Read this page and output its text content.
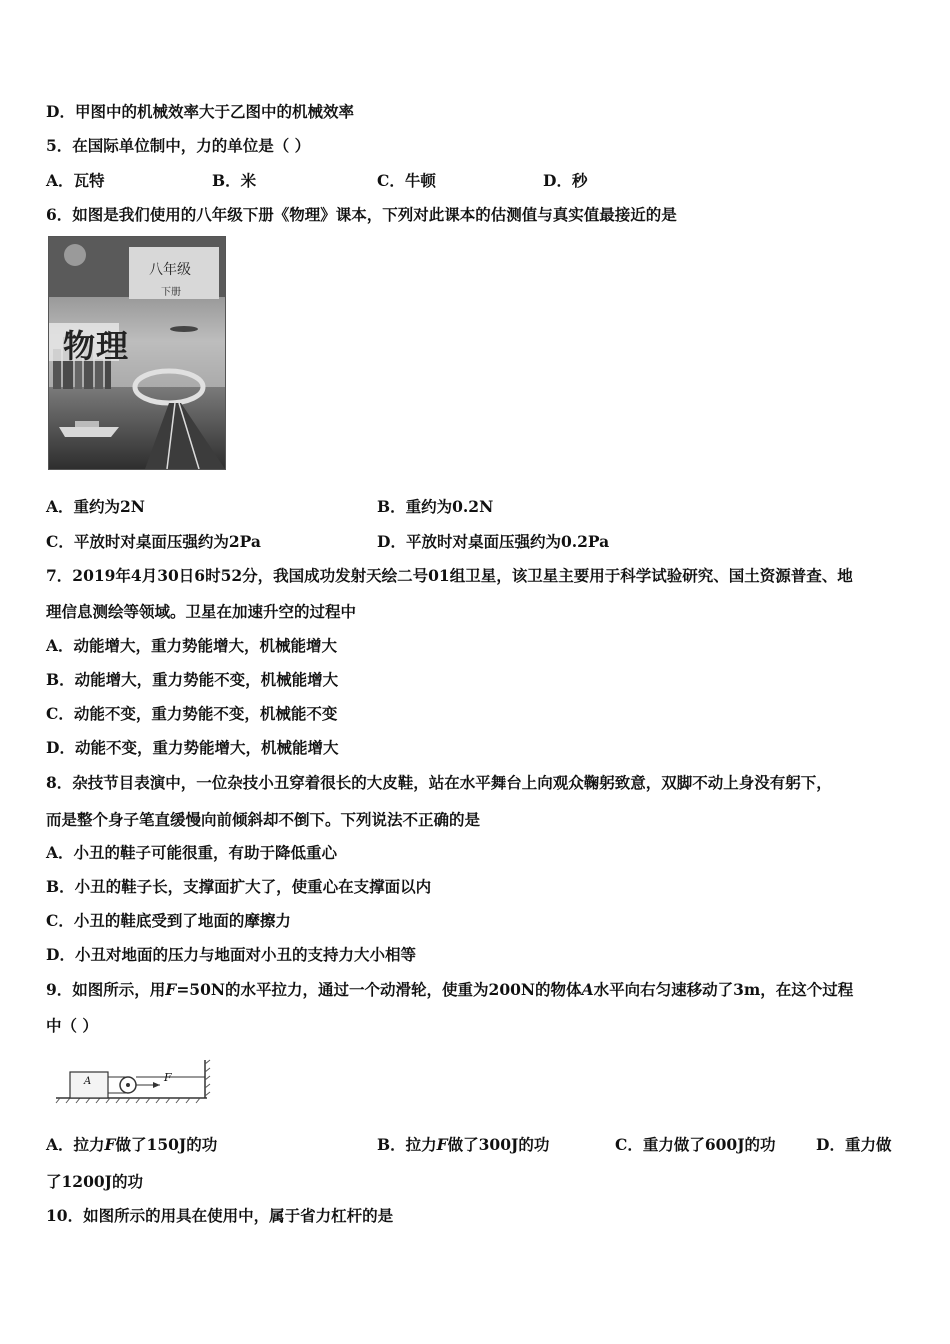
D．甲图中的机械效率大于乙图中的机械效率
5．在国际单位制中，力的单位是（ ）
A．瓦特	B．米	C．牛顿	D．秒
6．如图是我们使用的八年级下册《物理》课本，下列对此课本的估测值与真实值最接近的是
八年级
下册
物理
A．重约为2N	B．重约为0.2N
C．平放时对桌面压强约为2Pa	D．平放时对桌面压强约为0.2Pa
7．2019年4月30日6时52分，我国成功发射天绘二号01组卫星，该卫星主要用于科学试验研究、国土资源普查、地
理信息测绘等领域。卫星在加速升空的过程中
A．动能增大，重力势能增大，机械能增大
B．动能增大，重力势能不变，机械能增大
C．动能不变，重力势能不变，机械能不变
D．动能不变，重力势能增大，机械能增大
8．杂技节目表演中，一位杂技小丑穿着很长的大皮鞋，站在水平舞台上向观众鞠躬致意，双脚不动上身没有躬下，
而是整个身子笔直缓慢向前倾斜却不倒下。下列说法不正确的是
A．小丑的鞋子可能很重，有助于降低重心
B．小丑的鞋子长，支撑面扩大了，使重心在支撑面以内
C．小丑的鞋底受到了地面的摩擦力
D．小丑对地面的压力与地面对小丑的支持力大小相等
9．如图所示，用F=50N的水平拉力，通过一个动滑轮，使重为200N的物体A水平向右匀速移动了3m，在这个过程
中（ ）
A	F
A．拉力F做了150J的功	B．拉力F做了300J的功	C．重力做了600J的功	D．重力做
了1200J的功
10．如图所示的用具在使用中，属于省力杠杆的是
